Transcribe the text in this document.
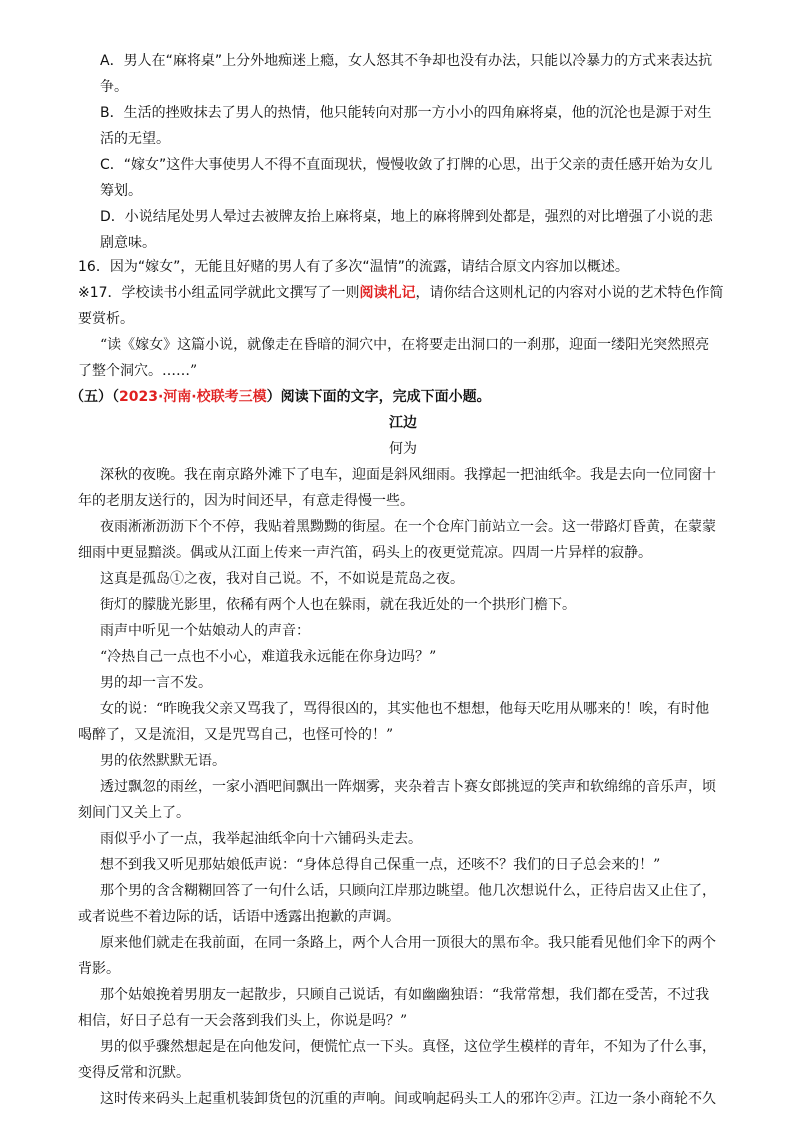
A．男人在“麻将桌”上分外地痴迷上瘾，女人怒其不争却也没有办法，只能以冷暴力的方式来表达抗
争。
B．生活的挫败抹去了男人的热情，他只能转向对那一方小小的四角麻将桌，他的沉沦也是源于对生
活的无望。
C．“嫁女”这件大事使男人不得不直面现状，慢慢收敛了打牌的心思，出于父亲的责任感开始为女儿
筹划。
D．小说结尾处男人晕过去被牌友抬上麻将桌，地上的麻将牌到处都是，强烈的对比增强了小说的悲
剧意味。
16．因为“嫁女”，无能且好赌的男人有了多次“温情”的流露，请结合原文内容加以概述。
※17．学校读书小组孟同学就此文撰写了一则阅读札记，请你结合这则札记的内容对小说的艺术特色作简
要赏析。
“读《嫁女》这篇小说，就像走在昏暗的洞穴中，在将要走出洞口的一刹那，迎面一缕阳光突然照亮
了整个洞穴。……”
（五）（2023·河南·校联考三模）阅读下面的文字，完成下面小题。
江边
何为
深秋的夜晚。我在南京路外滩下了电车，迎面是斜风细雨。我撑起一把油纸伞。我是去向一位同窗十
年的老朋友送行的，因为时间还早，有意走得慢一些。
夜雨淅淅沥沥下个不停，我贴着黑黝黝的街屋。在一个仓库门前站立一会。这一带路灯昏黄，在蒙蒙
细雨中更显黯淡。偶或从江面上传来一声汽笛，码头上的夜更觉荒凉。四周一片异样的寂静。
这真是孤岛①之夜，我对自己说。不，不如说是荒岛之夜。
街灯的朦胧光影里，依稀有两个人也在躲雨，就在我近处的一个拱形门檐下。
雨声中听见一个姑娘动人的声音：
“冷热自己一点也不小心，难道我永远能在你身边吗？”
男的却一言不发。
女的说：“昨晚我父亲又骂我了，骂得很凶的，其实他也不想想，他每天吃用从哪来的！唉，有时他
喝醉了，又是流泪，又是咒骂自己，也怪可怜的！”
男的依然默默无语。
透过飘忽的雨丝，一家小酒吧间飘出一阵烟雾，夹杂着吉卜赛女郎挑逗的笑声和软绵绵的音乐声，顷
刻间门又关上了。
雨似乎小了一点，我举起油纸伞向十六铺码头走去。
想不到我又听见那姑娘低声说：“身体总得自己保重一点，还咳不？我们的日子总会来的！”
那个男的含含糊糊回答了一句什么话，只顾向江岸那边眺望。他几次想说什么，正待启齿又止住了，
或者说些不着边际的话，话语中透露出抱歉的声调。
原来他们就走在我前面，在同一条路上，两个人合用一顶很大的黑布伞。我只能看见他们伞下的两个
背影。
那个姑娘挽着男朋友一起散步，只顾自己说话，有如幽幽独语：“我常常想，我们都在受苦，不过我
相信，好日子总有一天会落到我们头上，你说是吗？”
男的似乎骤然想起是在向他发问，便慌忙点一下头。真怪，这位学生模样的青年，不知为了什么事，
变得反常和沉默。
这时传来码头上起重机装卸货包的沉重的声响。间或响起码头工人的邪许②声。江边一条小商轮不久
